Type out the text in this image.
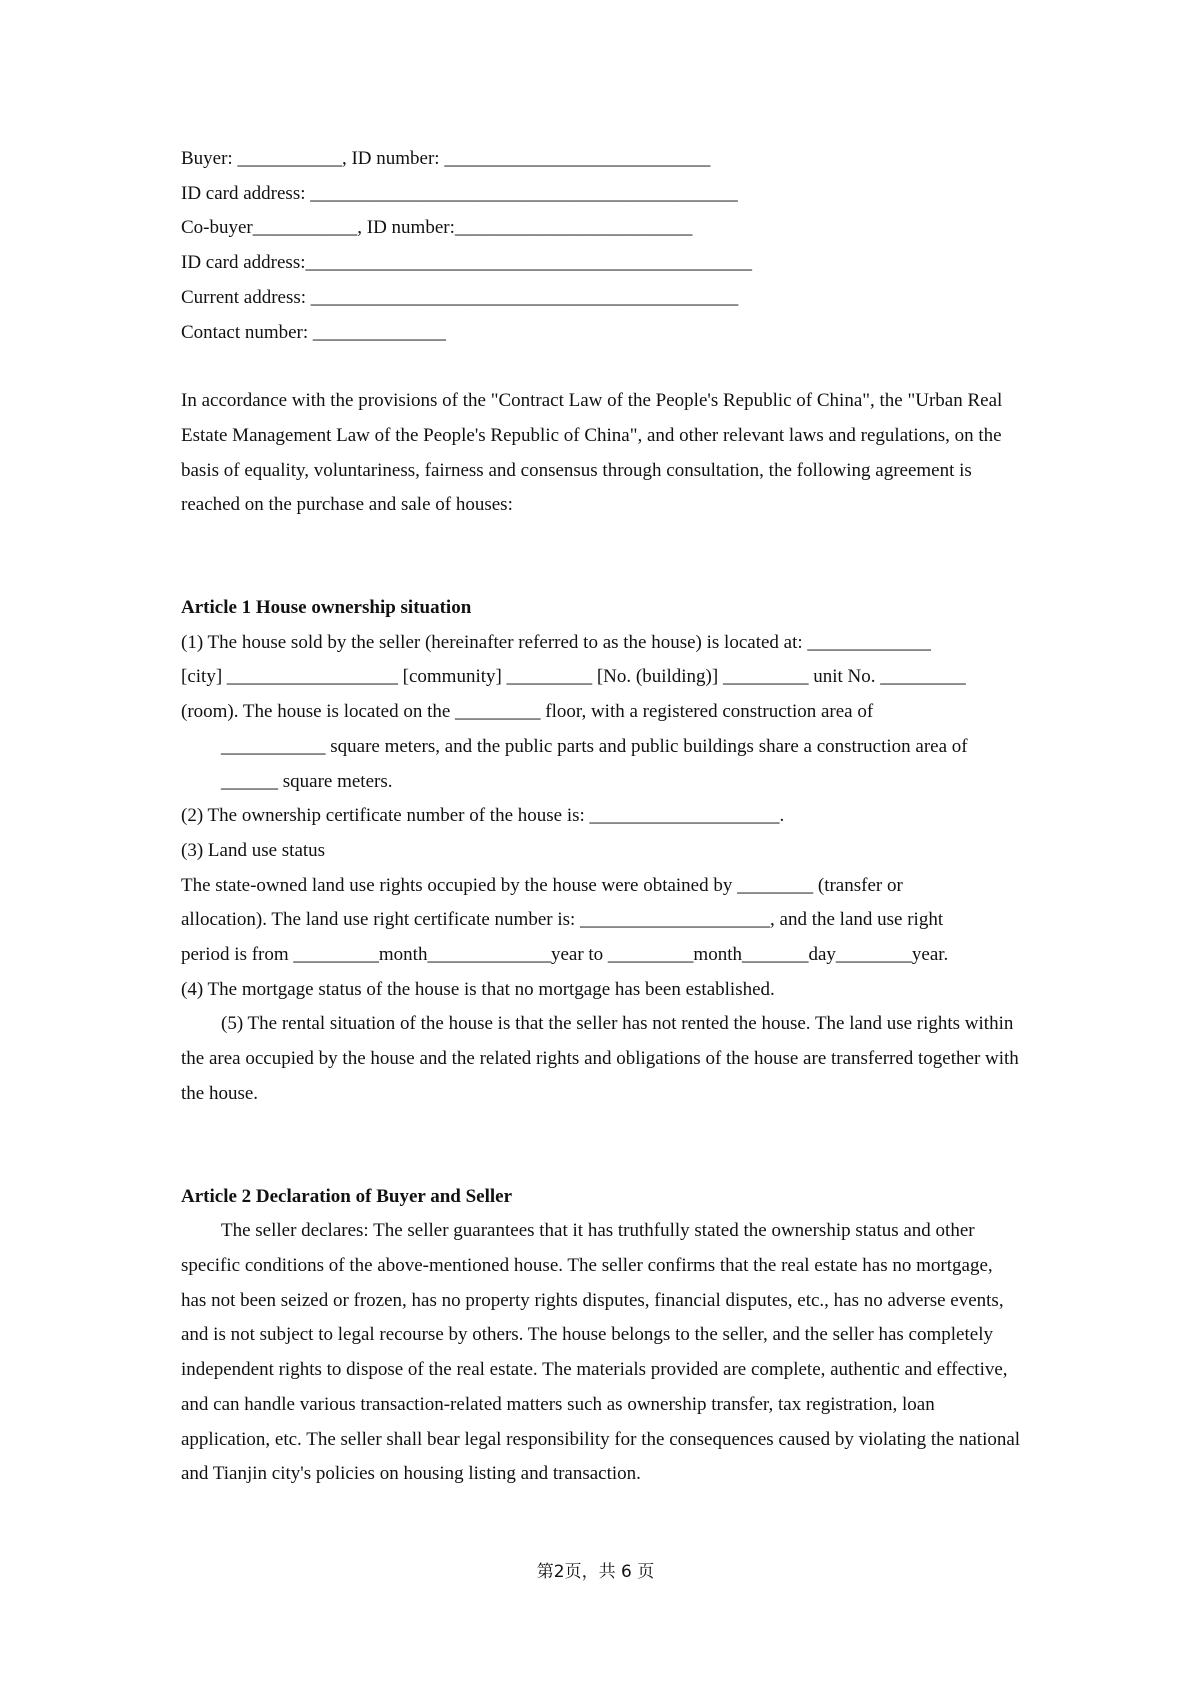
Buyer: ___________, ID number: ____________________________

ID card address: _____________________________________________

Co-buyer___________, ID number:_________________________

ID card address:_______________________________________________

Current address: _____________________________________________

Contact number: ______________

In accordance with the provisions of the "Contract Law of the People's Republic of China", the "Urban Real Estate Management Law of the People's Republic of China", and other relevant laws and regulations, on the basis of equality, voluntariness, fairness and consensus through consultation, the following agreement is reached on the purchase and sale of houses:

Article 1 House ownership situation

(1) The house sold by the seller (hereinafter referred to as the house) is located at: _____________

[city] __________________ [community] _________ [No. (building)] _________ unit No. _________

(room). The house is located on the _________ floor, with a registered construction area of

___________ square meters, and the public parts and public buildings share a construction area of

______ square meters.

(2) The ownership certificate number of the house is: ____________________.

(3) Land use status

The state-owned land use rights occupied by the house were obtained by ________ (transfer or

allocation). The land use right certificate number is: ____________________, and the land use right

period is from _________month_____________year to _________month_______day________year.

(4) The mortgage status of the house is that no mortgage has been established.

(5) The rental situation of the house is that the seller has not rented the house. The land use rights within the area occupied by the house and the related rights and obligations of the house are transferred together with the house.

Article 2 Declaration of Buyer and Seller

The seller declares: The seller guarantees that it has truthfully stated the ownership status and other specific conditions of the above-mentioned house. The seller confirms that the real estate has no mortgage, has not been seized or frozen, has no property rights disputes, financial disputes, etc., has no adverse events, and is not subject to legal recourse by others. The house belongs to the seller, and the seller has completely independent rights to dispose of the real estate. The materials provided are complete, authentic and effective, and can handle various transaction-related matters such as ownership transfer, tax registration, loan application, etc. The seller shall bear legal responsibility for the consequences caused by violating the national and Tianjin city's policies on housing listing and transaction.

第2页，共 6 页
